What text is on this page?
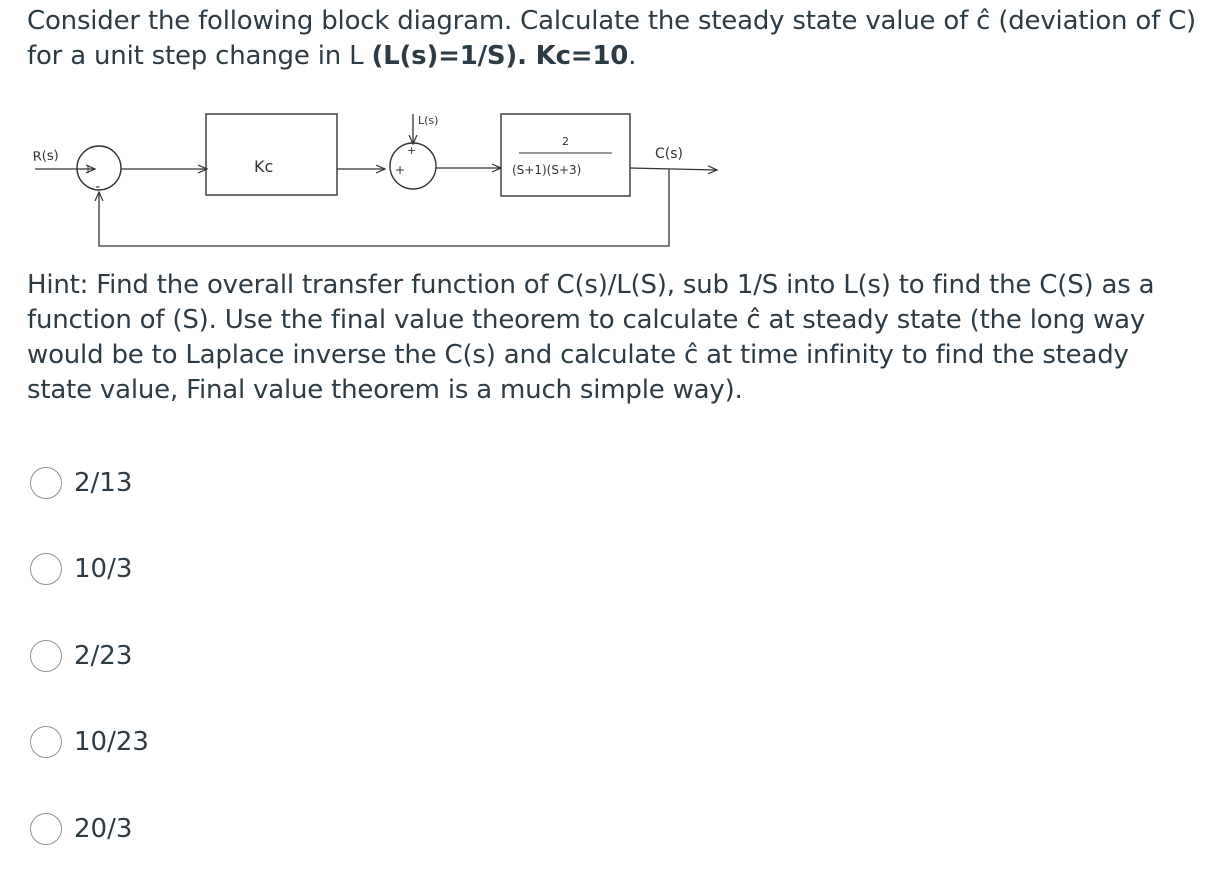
Consider the following block diagram. Calculate the steady state value of ĉ (deviation of C) for a unit step change in L (L(s)=1/S). Kc=10.
R(s)
+
-
Kc
L(s)
+
+
2
(S+1)(S+3)
C(s)
Hint: Find the overall transfer function of C(s)/L(S), sub 1/S into L(s) to find the C(S) as a function of (S). Use the final value theorem to calculate ĉ at steady state (the long way would be to Laplace inverse the C(s) and calculate ĉ at time infinity to find the steady state value, Final value theorem is a much simple way).
2/13
10/3
2/23
10/23
20/3
